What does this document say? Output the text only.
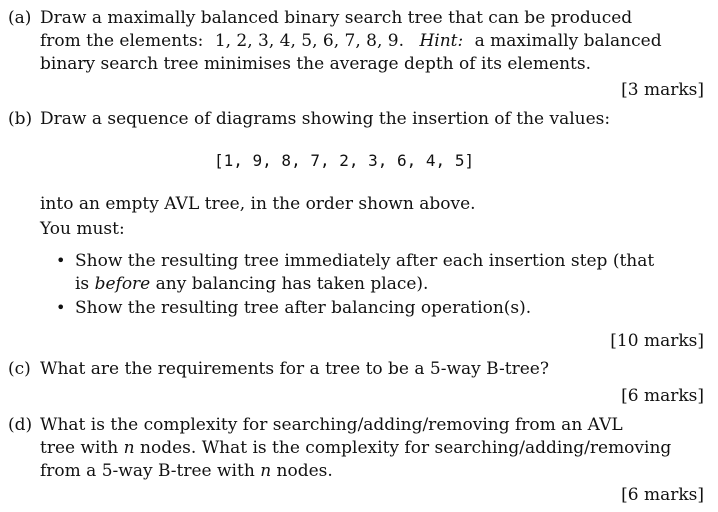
(a) Draw a maximally balanced binary search tree that can be produced
from the elements: 1, 2, 3, 4, 5, 6, 7, 8, 9. Hint: a maximally balanced
binary search tree minimises the average depth of its elements.
[3 marks]
(b) Draw a sequence of diagrams showing the insertion of the values:
[1, 9, 8, 7, 2, 3, 6, 4, 5]
into an empty AVL tree, in the order shown above.
You must:
• Show the resulting tree immediately after each insertion step (that
is before any balancing has taken place).
• Show the resulting tree after balancing operation(s).
[10 marks]
(c) What are the requirements for a tree to be a 5-way B-tree?
[6 marks]
(d) What is the complexity for searching/adding/removing from an AVL
tree with n nodes. What is the complexity for searching/adding/removing
from a 5-way B-tree with n nodes.
[6 marks]
